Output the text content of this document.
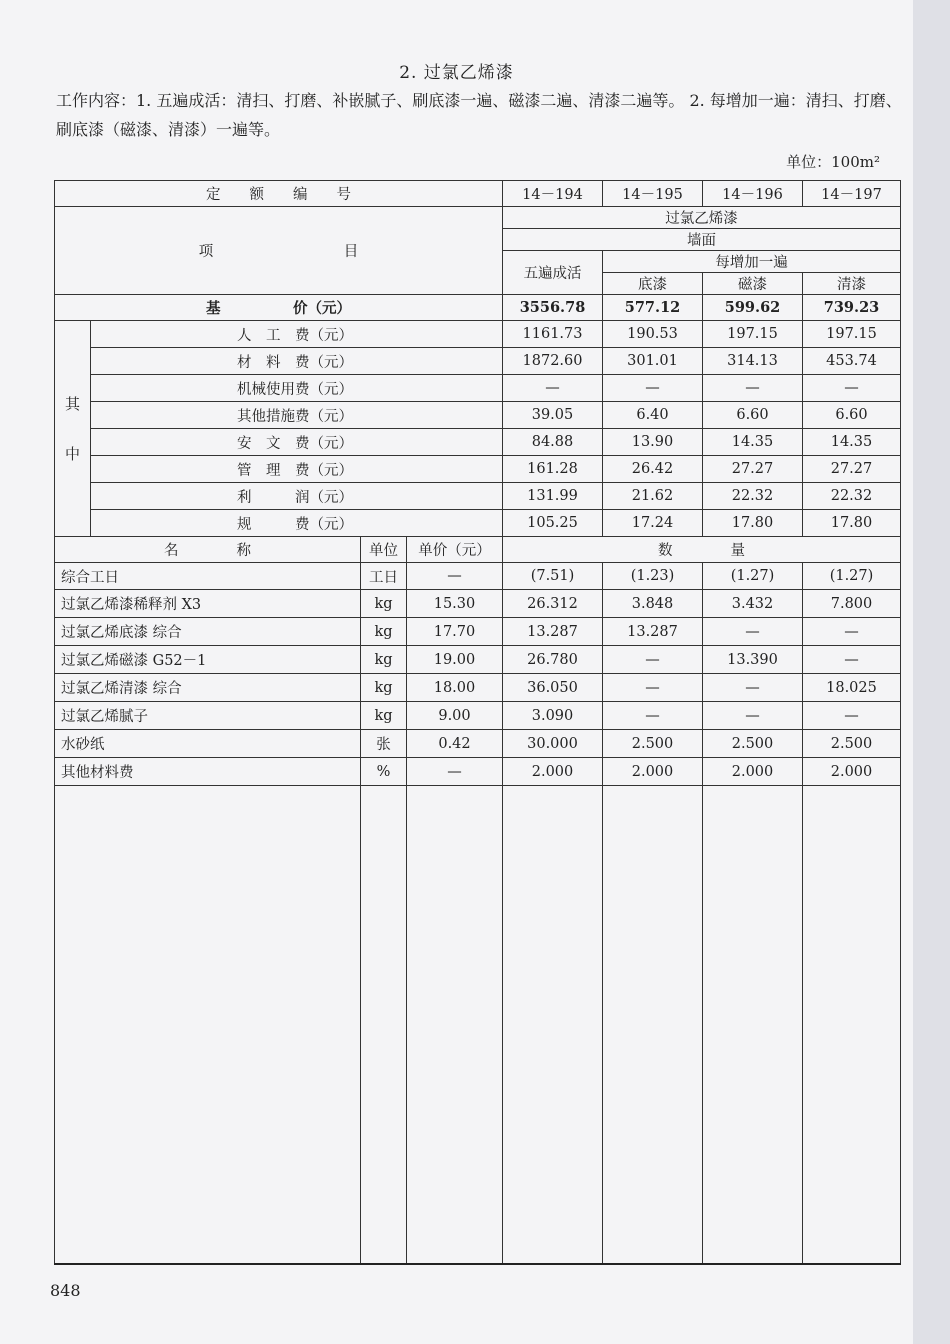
2. 过氯乙烯漆
工作内容：1. 五遍成活：清扫、打磨、补嵌腻子、刷底漆一遍、磁漆二遍、清漆二遍等。 2. 每增加一遍：清扫、打磨、刷底漆（磁漆、清漆）一遍等。
单位：100m²
定　　额　　编　　号				14－194	14－195	14－196	14－197
项　　　　　　　　　目				过氯乙烯漆			
				墙面			
				五遍成活	每增加一遍		
					底漆	磁漆	清漆
基　　　　　价（元）				3556.78	577.12	599.62	739.23
其
中	人　工　费（元）			1161.73	190.53	197.15	197.15
	材　料　费（元）			1872.60	301.01	314.13	453.74
	机械使用费（元）			—	—	—	—
	其他措施费（元）			39.05	6.40	6.60	6.60
	安　文　费（元）			84.88	13.90	14.35	14.35
	管　理　费（元）			161.28	26.42	27.27	27.27
	利　　　润（元）			131.99	21.62	22.32	22.32
	规　　　费（元）			105.25	17.24	17.80	17.80
名　　　　称		单位	单价（元）	数　　　　量			
综合工日		工日	—	(7.51)	(1.23)	(1.27)	(1.27)
过氯乙烯漆稀释剂 X3		kg	15.30	26.312	3.848	3.432	7.800
过氯乙烯底漆 综合		kg	17.70	13.287	13.287	—	—
过氯乙烯磁漆 G52－1		kg	19.00	26.780	—	13.390	—
过氯乙烯清漆 综合		kg	18.00	36.050	—	—	18.025
过氯乙烯腻子		kg	9.00	3.090	—	—	—
水砂纸		张	0.42	30.000	2.500	2.500	2.500
其他材料费		%	—	2.000	2.000	2.000	2.000

848
